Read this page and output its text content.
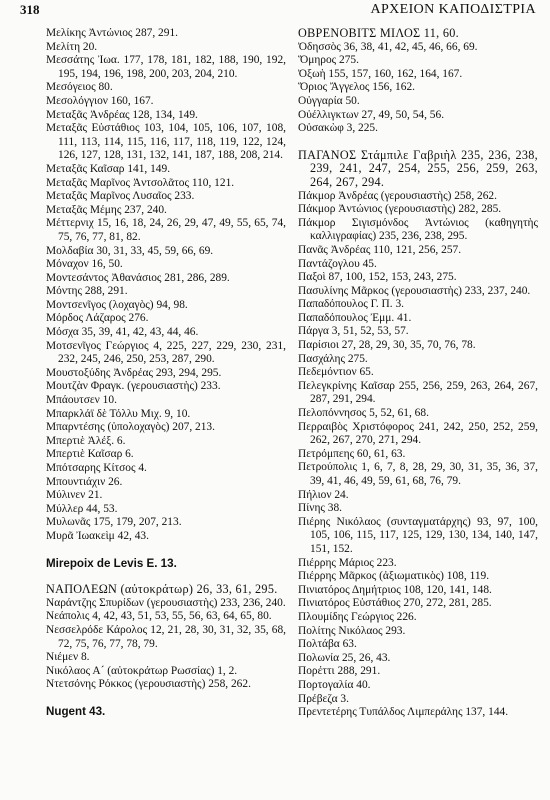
318	ΑΡΧΕΙΟΝ ΚΑΠΟΔΙΣΤΡΙΑ

Μελίκης Ἀντώνιος 287, 291.

Μελίτη 20.

Μεσσάτης Ἰωα. 177, 178, 181, 182, 188, 190, 192, 195, 194, 196, 198, 200, 203, 204, 210.

Μεσόγειος 80.

Μεσολόγγιον 160, 167.

Μεταξᾶς Ἀνδρέας 128, 134, 149.

Μεταξᾶς Εὐστάθιος 103, 104, 105, 106, 107, 108, 111, 113, 114, 115, 116, 117, 118, 119, 122, 124, 126, 127, 128, 131, 132, 141, 187, 188, 208, 214.

Μεταξᾶς Καῖσαρ 141, 149.

Μεταξᾶς Μαρῖνος Ἀντσολᾶτος 110, 121.

Μεταξᾶς Μαρῖνος Λυσαῖος 233.

Μεταξᾶς Μέμης 237, 240.

Μέττερνιχ 15, 16, 18, 24, 26, 29, 47, 49, 55, 65, 74, 75, 76, 77, 81, 82.

Μολδαβία 30, 31, 33, 45, 59, 66, 69.

Μόναχον 16, 50.

Μοντεσάντος Ἀθανάσιος 281, 286, 289.

Μόντης 288, 291.

Μοντσενῖγος (λοχαγὸς) 94, 98.

Μόρδος Λάζαρος 276.

Μόσχα 35, 39, 41, 42, 43, 44, 46.

Μοτσενῖγος Γεώργιος 4, 225, 227, 229, 230, 231, 232, 245, 246, 250, 253, 287, 290.

Μουστοξύδης Ἀνδρέας 293, 294, 295.

Μουτζὰν Φραγκ. (γερουσιαστὴς) 233.

Μπάουτσεν 10.

Μπαρκλάϊ δὲ Τόλλυ Μιχ. 9, 10.

Μπαρντέσης (ὑπολοχαγὸς) 207, 213.

Μπερτιὲ Ἀλέξ. 6.

Μπερτιὲ Καῖσαρ 6.

Μπότσαρης Κίτσος 4.

Μπουντιάχιν 26.

Μύλινεν 21.

Μύλλερ 44, 53.

Μυλωνᾶς 175, 179, 207, 213.

Μυρᾶ Ἰωακεὶμ 42, 43.

Mirepoix de Levis E. 13.

ΝΑΠΟΛΕΩΝ (αὐτοκράτωρ) 26, 33, 61, 295.

Ναράντζης Σπυρίδων (γερουσιαστὴς) 233, 236, 240.

Νεάπολις 4, 42, 43, 51, 53, 55, 56, 63, 64, 65, 80.

Νεσσελρόδε Κάρολος 12, 21, 28, 30, 31, 32, 35, 68, 72, 75, 76, 77, 78, 79.

Νιέμεν 8.

Νικόλαος Α´ (αὐτοκράτωρ Ρωσσίας) 1, 2.

Ντετσόνης Ρόκκος (γερουσιαστὴς) 258, 262.

Nugent 43.

ΟΒΡΕΝΟΒΙΤΣ ΜΙΛΟΣ 11, 60.

Ὀδησσὸς 36, 38, 41, 42, 45, 46, 66, 69.

Ὅμηρος 275.

Ὀξωὴ 155, 157, 160, 162, 164, 167.

Ὅριος Ἄγγελος 156, 162.

Οὐγγαρία 50.

Οὐέλλιγκτων 27, 49, 50, 54, 56.

Οὐσακὼφ 3, 225.

ΠΑΓΑΝΟΣ Στάμπιλε Γαβριὴλ 235, 236, 238, 239, 241, 247, 254, 255, 256, 259, 263, 264, 267, 294.

Πάκμορ Ἀνδρέας (γερουσιαστὴς) 258, 262.

Πάκμορ Ἀντώνιος (γερουσιαστὴς) 282, 285.

Πάκμορ Σιγισμόνδος Ἀντώνιος (καθηγητὴς καλλιγραφίας) 235, 236, 238, 295.

Πανᾶς Ἀνδρέας 110, 121, 256, 257.

Παντάζογλου 45.

Παξοὶ 87, 100, 152, 153, 243, 275.

Πασυλίνης Μᾶρκος (γερουσιαστὴς) 233, 237, 240.

Παπαδόπουλος Γ. Π. 3.

Παπαδόπουλος Ἐμμ. 41.

Πάργα 3, 51, 52, 53, 57.

Παρίσιοι 27, 28, 29, 30, 35, 70, 76, 78.

Πασχάλης 275.

Πεδεμόντιον 65.

Πελεγκρίνης Καῖσαρ 255, 256, 259, 263, 264, 267, 287, 291, 294.

Πελοπόννησος 5, 52, 61, 68.

Περραιβὸς Χριστόφορος 241, 242, 250, 252, 259, 262, 267, 270, 271, 294.

Πετρόμπεης 60, 61, 63.

Πετρούπολις 1, 6, 7, 8, 28, 29, 30, 31, 35, 36, 37, 39, 41, 46, 49, 59, 61, 68, 76, 79.

Πήλιον 24.

Πίνης 38.

Πιέρης Νικόλαος (συνταγματάρχης) 93, 97, 100, 105, 106, 115, 117, 125, 129, 130, 134, 140, 147, 151, 152.

Πιέρρης Μάριος 223.

Πιέρρης Μᾶρκος (ἀξιωματικὸς) 108, 119.

Πινιατόρος Δημήτριος 108, 120, 141, 148.

Πινιατόρος Εὐστάθιος 270, 272, 281, 285.

Πλουμίδης Γεώργιος 226.

Πολίτης Νικόλαος 293.

Πολτάβα 63.

Πολωνία 25, 26, 43.

Πορέττι 288, 291.

Πορτογαλία 40.

Πρέβεζα 3.

Πρεντετέρης Τυπάλδος Λιμπεράλης 137, 144.
